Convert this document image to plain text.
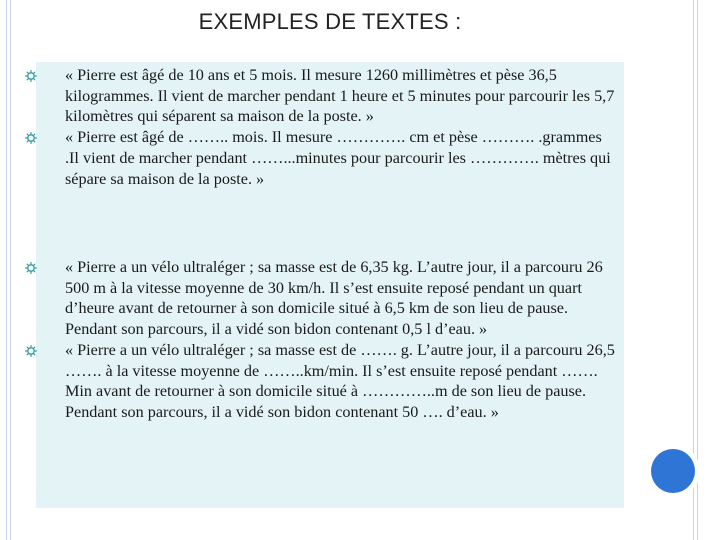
EXEMPLES DE TEXTES :
« Pierre est âgé de 10 ans et 5 mois. Il mesure 1260 millimètres et pèse 36,5 kilogrammes. Il vient de marcher pendant 1 heure et 5 minutes pour parcourir les 5,7 kilomètres qui séparent sa maison de la poste. »
« Pierre est âgé de …….. mois. Il mesure …………. cm et pèse ………. .grammes .Il vient de marcher pendant ……...minutes pour parcourir les …………. mètres qui sépare sa maison de la poste. »
« Pierre a un vélo ultraléger ; sa masse est de 6,35 kg. L’autre jour, il a parcouru 26 500 m à la vitesse moyenne de 30 km/h. Il s’est ensuite reposé pendant un quart d’heure avant de retourner à son domicile situé à 6,5 km de son lieu de pause. Pendant son parcours, il a vidé son bidon contenant 0,5 l d’eau. »
« Pierre a un vélo ultraléger ; sa masse est de ……. g. L’autre jour, il a parcouru 26,5 ……. à la vitesse moyenne de ……..km/min. Il s’est ensuite reposé pendant ……. Min avant de retourner à son domicile situé à …………..m de son lieu de pause. Pendant son parcours, il a vidé son bidon contenant 50 …. d’eau. »
